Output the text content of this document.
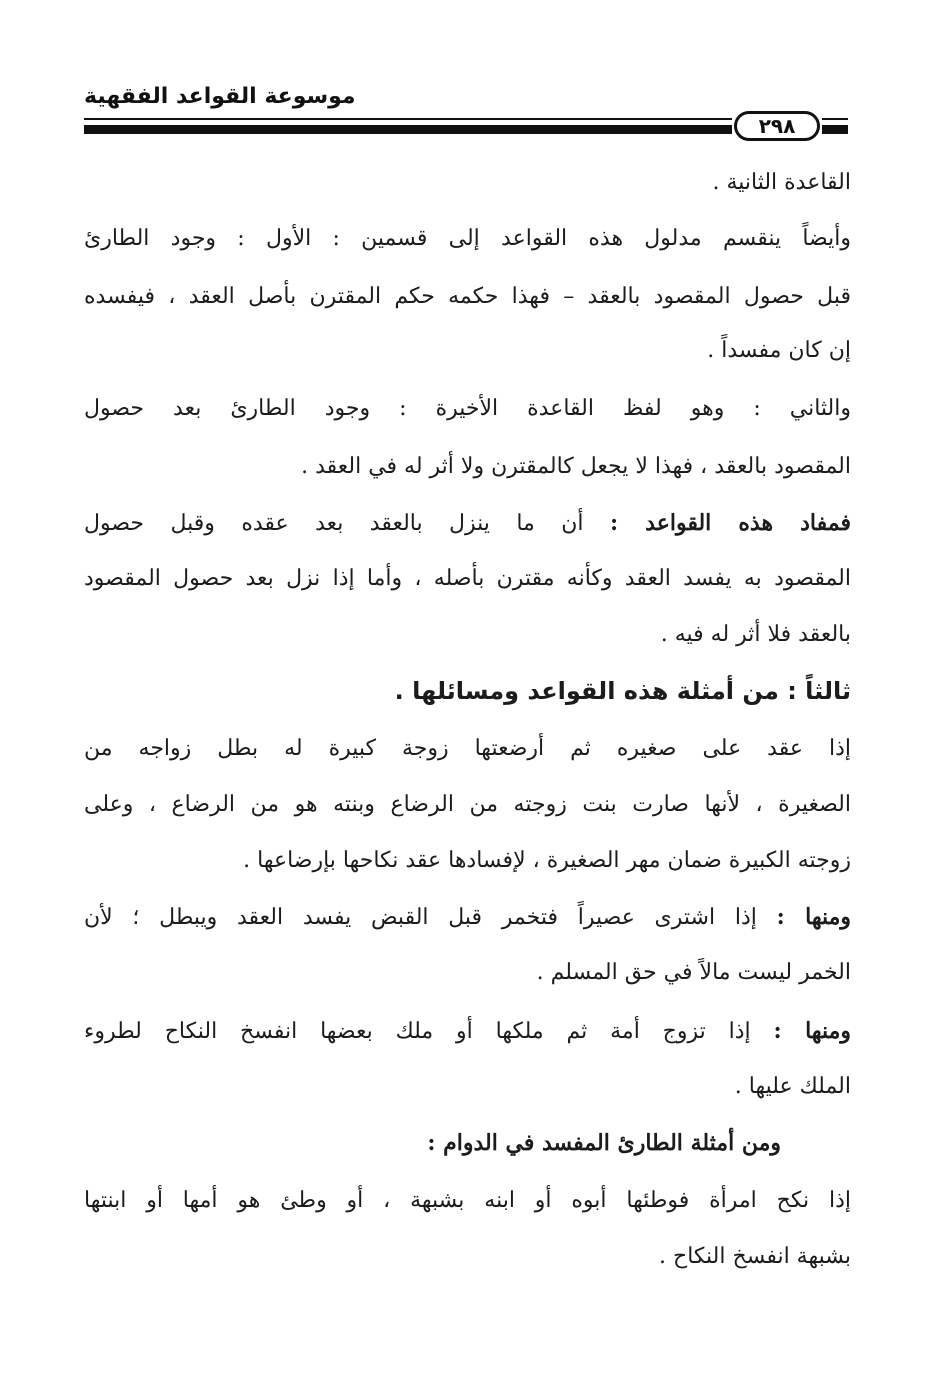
موسوعة القواعد الفقهية
٢٩٨
القاعدة الثانية .
وأيضاً ينقسم مدلول هذه القواعد إلى قسمين : الأول : وجود الطارئ
قبل حصول المقصود بالعقد – فهذا حكمه حكم المقترن بأصل العقد ، فيفسده
إن كان مفسداً .
والثاني : وهو لفظ القاعدة الأخيرة : وجود الطارئ بعد حصول
المقصود بالعقد ، فهذا لا يجعل كالمقترن ولا أثر له في العقد .
فمفاد هذه القواعد : أن ما ينزل بالعقد بعد عقده وقبل حصول
المقصود به يفسد العقد وكأنه مقترن بأصله ، وأما إذا نزل بعد حصول المقصود
بالعقد فلا أثر له فيه .
ثالثاً : من أمثلة هذه القواعد ومسائلها .
إذا عقد على صغيره ثم أرضعتها زوجة كبيرة له بطل زواجه من
الصغيرة ، لأنها صارت بنت زوجته من الرضاع وبنته هو من الرضاع ، وعلى
زوجته الكبيرة ضمان مهر الصغيرة ، لإفسادها عقد نكاحها بإرضاعها .
ومنها : إذا اشترى عصيراً فتخمر قبل القبض يفسد العقد ويبطل ؛ لأن
الخمر ليست مالاً في حق المسلم .
ومنها : إذا تزوج أمة ثم ملكها أو ملك بعضها انفسخ النكاح لطروء
الملك عليها .
ومن أمثلة الطارئ المفسد في الدوام :
إذا نكح امرأة فوطئها أبوه أو ابنه بشبهة ، أو وطئ هو أمها أو ابنتها
بشبهة انفسخ النكاح .
